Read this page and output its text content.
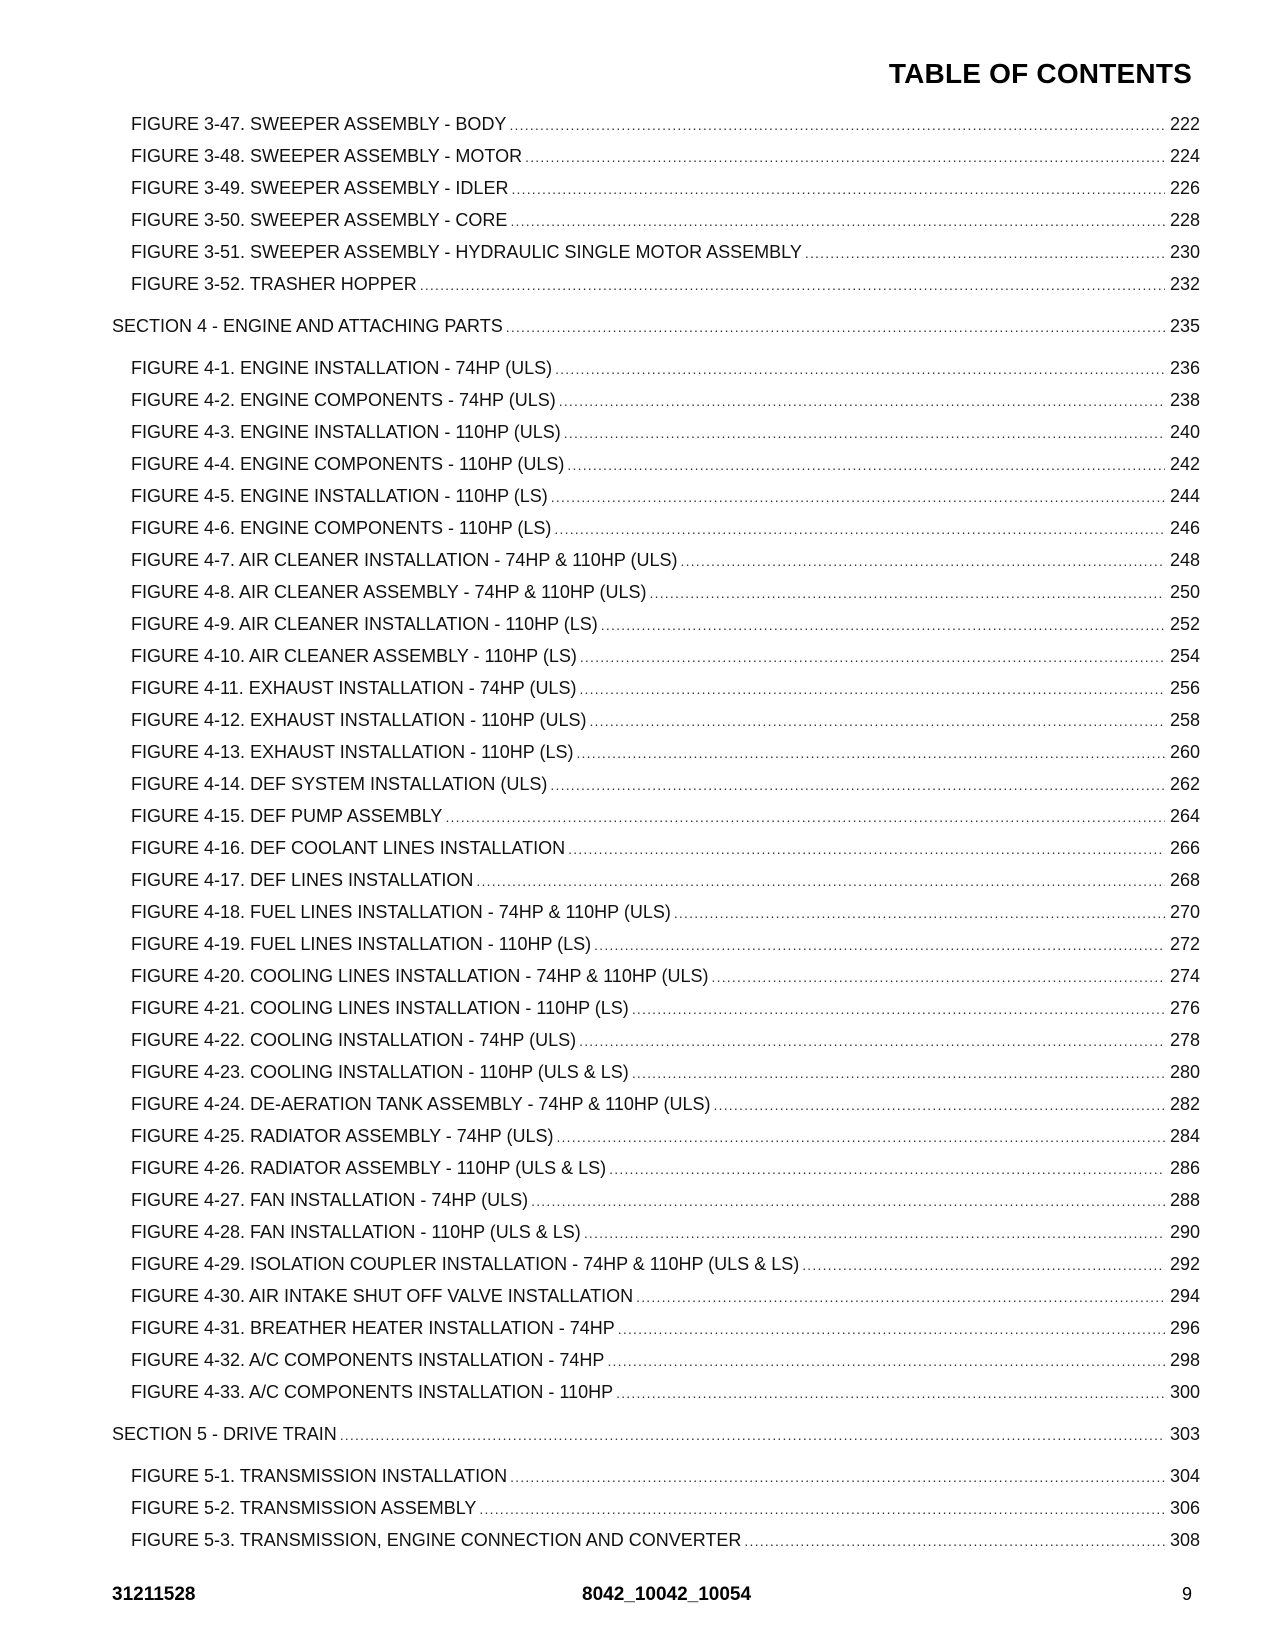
TABLE OF CONTENTS
FIGURE 3-47. SWEEPER ASSEMBLY - BODY .....	222
FIGURE 3-48. SWEEPER ASSEMBLY - MOTOR .....	224
FIGURE 3-49. SWEEPER ASSEMBLY - IDLER .....	226
FIGURE 3-50. SWEEPER ASSEMBLY - CORE .....	228
FIGURE 3-51. SWEEPER ASSEMBLY - HYDRAULIC SINGLE MOTOR ASSEMBLY .....	230
FIGURE 3-52. TRASHER HOPPER .....	232
SECTION 4 - ENGINE AND ATTACHING PARTS .....	235
FIGURE 4-1. ENGINE INSTALLATION - 74HP (ULS) .....	236
FIGURE 4-2. ENGINE COMPONENTS - 74HP (ULS) .....	238
FIGURE 4-3. ENGINE INSTALLATION - 110HP (ULS) .....	240
FIGURE 4-4. ENGINE COMPONENTS - 110HP (ULS) .....	242
FIGURE 4-5. ENGINE INSTALLATION - 110HP (LS) .....	244
FIGURE 4-6. ENGINE COMPONENTS - 110HP (LS) .....	246
FIGURE 4-7. AIR CLEANER INSTALLATION - 74HP & 110HP (ULS) .....	248
FIGURE 4-8. AIR CLEANER ASSEMBLY - 74HP & 110HP (ULS) .....	250
FIGURE 4-9. AIR CLEANER INSTALLATION - 110HP (LS) .....	252
FIGURE 4-10. AIR CLEANER ASSEMBLY - 110HP (LS) .....	254
FIGURE 4-11. EXHAUST INSTALLATION - 74HP (ULS) .....	256
FIGURE 4-12. EXHAUST INSTALLATION - 110HP (ULS) .....	258
FIGURE 4-13. EXHAUST INSTALLATION - 110HP (LS) .....	260
FIGURE 4-14. DEF SYSTEM INSTALLATION (ULS) .....	262
FIGURE 4-15. DEF PUMP ASSEMBLY .....	264
FIGURE 4-16. DEF COOLANT LINES INSTALLATION .....	266
FIGURE 4-17. DEF LINES INSTALLATION .....	268
FIGURE 4-18. FUEL LINES INSTALLATION - 74HP & 110HP (ULS) .....	270
FIGURE 4-19. FUEL LINES INSTALLATION - 110HP (LS) .....	272
FIGURE 4-20. COOLING LINES INSTALLATION - 74HP & 110HP (ULS) .....	274
FIGURE 4-21. COOLING LINES INSTALLATION - 110HP (LS) .....	276
FIGURE 4-22. COOLING INSTALLATION - 74HP (ULS) .....	278
FIGURE 4-23. COOLING INSTALLATION - 110HP (ULS & LS) .....	280
FIGURE 4-24. DE-AERATION TANK ASSEMBLY - 74HP & 110HP (ULS) .....	282
FIGURE 4-25. RADIATOR ASSEMBLY - 74HP (ULS) .....	284
FIGURE 4-26. RADIATOR ASSEMBLY - 110HP (ULS & LS) .....	286
FIGURE 4-27. FAN INSTALLATION - 74HP (ULS) .....	288
FIGURE 4-28. FAN INSTALLATION - 110HP (ULS & LS) .....	290
FIGURE 4-29. ISOLATION COUPLER INSTALLATION - 74HP & 110HP (ULS & LS) .....	292
FIGURE 4-30. AIR INTAKE SHUT OFF VALVE INSTALLATION .....	294
FIGURE 4-31. BREATHER HEATER INSTALLATION - 74HP .....	296
FIGURE 4-32. A/C COMPONENTS INSTALLATION - 74HP .....	298
FIGURE 4-33. A/C COMPONENTS INSTALLATION - 110HP .....	300
SECTION 5 - DRIVE TRAIN .....	303
FIGURE 5-1. TRANSMISSION INSTALLATION .....	304
FIGURE 5-2. TRANSMISSION ASSEMBLY .....	306
FIGURE 5-3. TRANSMISSION, ENGINE CONNECTION AND CONVERTER .....	308
31211528	8042_10042_10054	9
